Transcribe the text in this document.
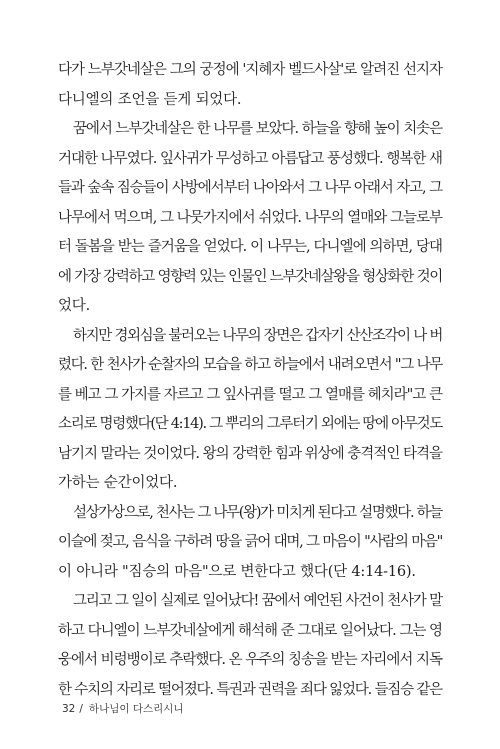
다가 느부갓네살은 그의 궁정에 '지혜자 벨드사살'로 알려진 선지자
다니엘의 조언을 듣게 되었다.
꿈에서 느부갓네살은 한 나무를 보았다. 하늘을 향해 높이 치솟은
거대한 나무였다. 잎사귀가 무성하고 아름답고 풍성했다. 행복한 새
들과 숲속 짐승들이 사방에서부터 나아와서 그 나무 아래서 자고, 그
나무에서 먹으며, 그 나뭇가지에서 쉬었다. 나무의 열매와 그늘로부
터 돌봄을 받는 즐거움을 얻었다. 이 나무는, 다니엘에 의하면, 당대
에 가장 강력하고 영향력 있는 인물인 느부갓네살왕을 형상화한 것이
었다.
하지만 경외심을 불러오는 나무의 장면은 갑자기 산산조각이 나 버
렸다. 한 천사가 순찰자의 모습을 하고 하늘에서 내려오면서 "그 나무
를 베고 그 가지를 자르고 그 잎사귀를 떨고 그 열매를 헤치라"고 큰
소리로 명령했다(단 4:14). 그 뿌리의 그루터기 외에는 땅에 아무것도
남기지 말라는 것이었다. 왕의 강력한 힘과 위상에 충격적인 타격을
가하는 순간이었다.
설상가상으로, 천사는 그 나무(왕)가 미치게 된다고 설명했다. 하늘
이슬에 젖고, 음식을 구하려 땅을 긁어 대며, 그 마음이 "사람의 마음"
이 아니라 "짐승의 마음"으로 변한다고 했다(단 4:14-16).
그리고 그 일이 실제로 일어났다! 꿈에서 예언된 사건이 천사가 말
하고 다니엘이 느부갓네살에게 해석해 준 그대로 일어났다. 그는 영
웅에서 비렁뱅이로 추락했다. 온 우주의 칭송을 받는 자리에서 지독
한 수치의 자리로 떨어졌다. 특권과 권력을 죄다 잃었다. 들짐승 같은
32 / 하나님이 다스리시니
